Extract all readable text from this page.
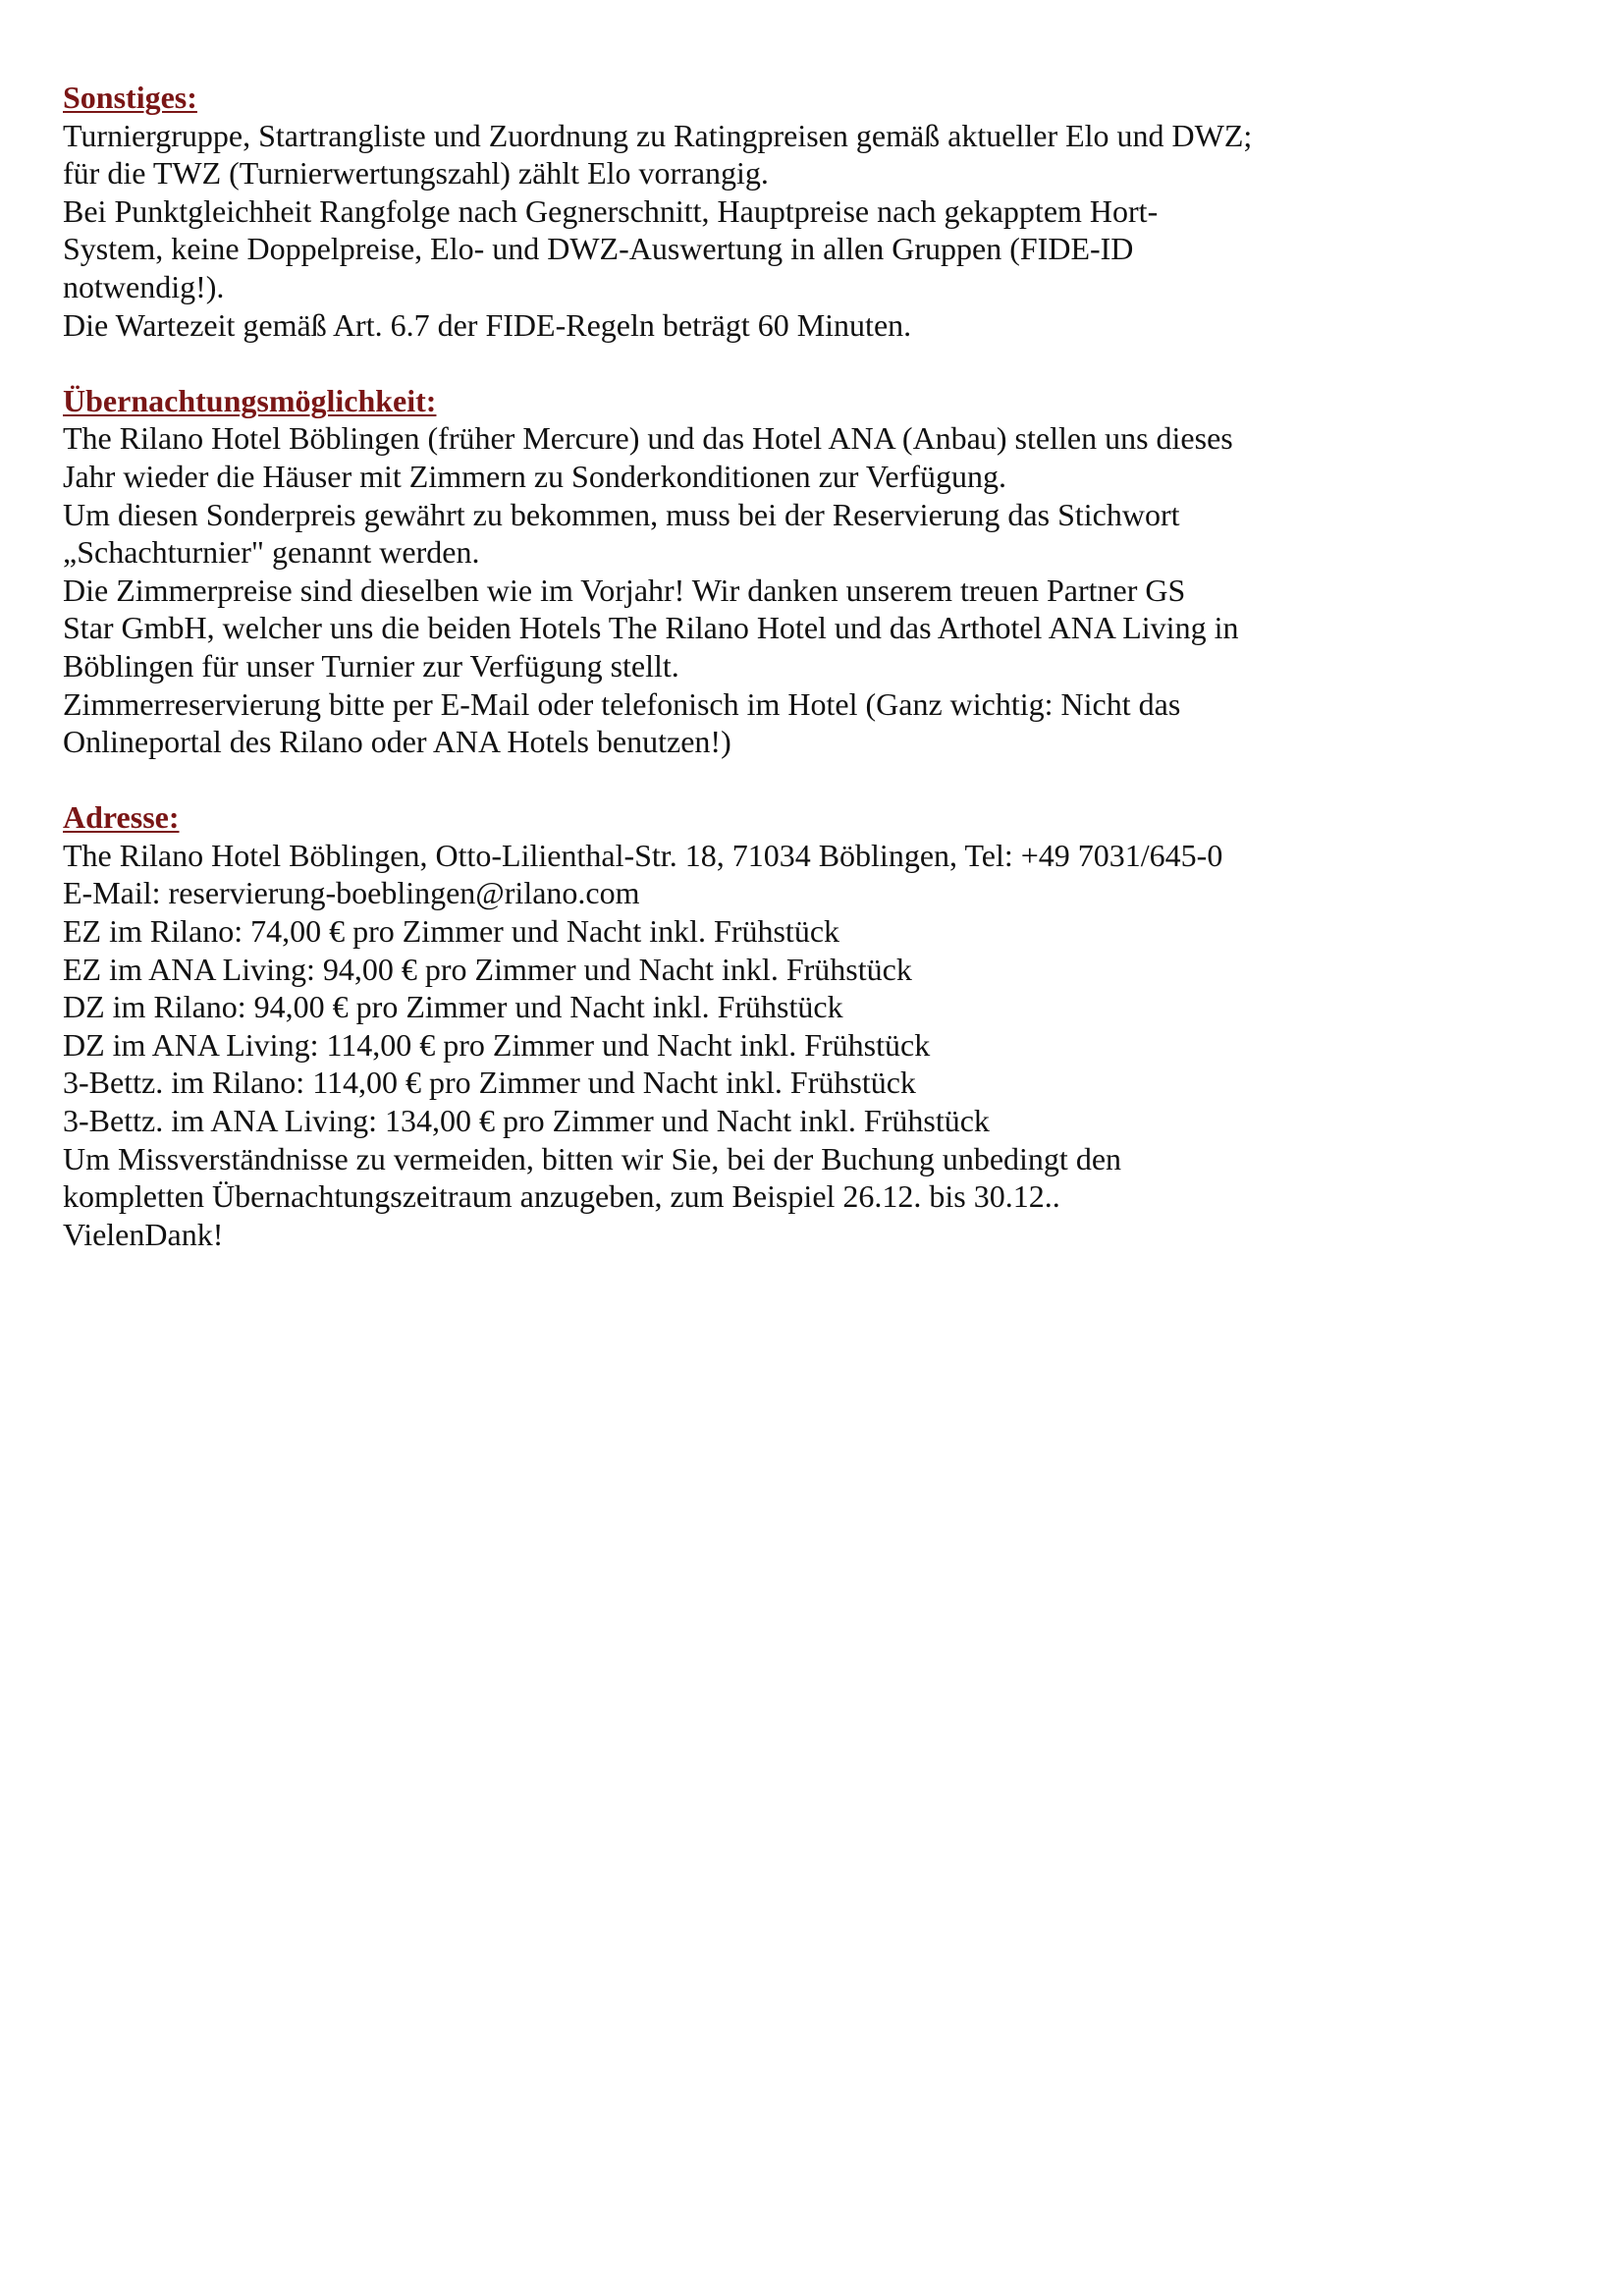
Sonstiges:
Turniergruppe, Startrangliste und Zuordnung zu Ratingpreisen gemäß aktueller Elo und DWZ;
für die TWZ (Turnierwertungszahl) zählt Elo vorrangig.
Bei Punktgleichheit Rangfolge nach Gegnerschnitt, Hauptpreise nach gekapptem Hort-
System, keine Doppelpreise, Elo- und DWZ-Auswertung in allen Gruppen (FIDE-ID
notwendig!).
Die Wartezeit gemäß Art. 6.7 der FIDE-Regeln beträgt 60 Minuten.
Übernachtungsmöglichkeit:
The Rilano Hotel Böblingen (früher Mercure) und das Hotel ANA (Anbau) stellen uns dieses
Jahr wieder die Häuser mit Zimmern zu Sonderkonditionen zur Verfügung.
Um diesen Sonderpreis gewährt zu bekommen, muss bei der Reservierung das Stichwort
„Schachturnier" genannt werden.
Die Zimmerpreise sind dieselben wie im Vorjahr! Wir danken unserem treuen Partner GS
Star GmbH, welcher uns die beiden Hotels The Rilano Hotel und das Arthotel ANA Living in
Böblingen für unser Turnier zur Verfügung stellt.
Zimmerreservierung bitte per E-Mail oder telefonisch im Hotel (Ganz wichtig: Nicht das
Onlineportal des Rilano oder ANA Hotels benutzen!)
Adresse:
The Rilano Hotel Böblingen, Otto-Lilienthal-Str. 18, 71034 Böblingen, Tel: +49 7031/645-0
E-Mail: reservierung-boeblingen@rilano.com
EZ im Rilano: 74,00 € pro Zimmer und Nacht inkl. Frühstück
EZ im ANA Living: 94,00 € pro Zimmer und Nacht inkl. Frühstück
DZ im Rilano: 94,00 € pro Zimmer und Nacht inkl. Frühstück
DZ im ANA Living: 114,00 € pro Zimmer und Nacht inkl. Frühstück
3-Bettz. im Rilano: 114,00 € pro Zimmer und Nacht inkl. Frühstück
3-Bettz. im ANA Living: 134,00 € pro Zimmer und Nacht inkl. Frühstück
Um Missverständnisse zu vermeiden, bitten wir Sie, bei der Buchung unbedingt den
kompletten Übernachtungszeitraum anzugeben, zum Beispiel 26.12. bis 30.12..
VielenDank!
